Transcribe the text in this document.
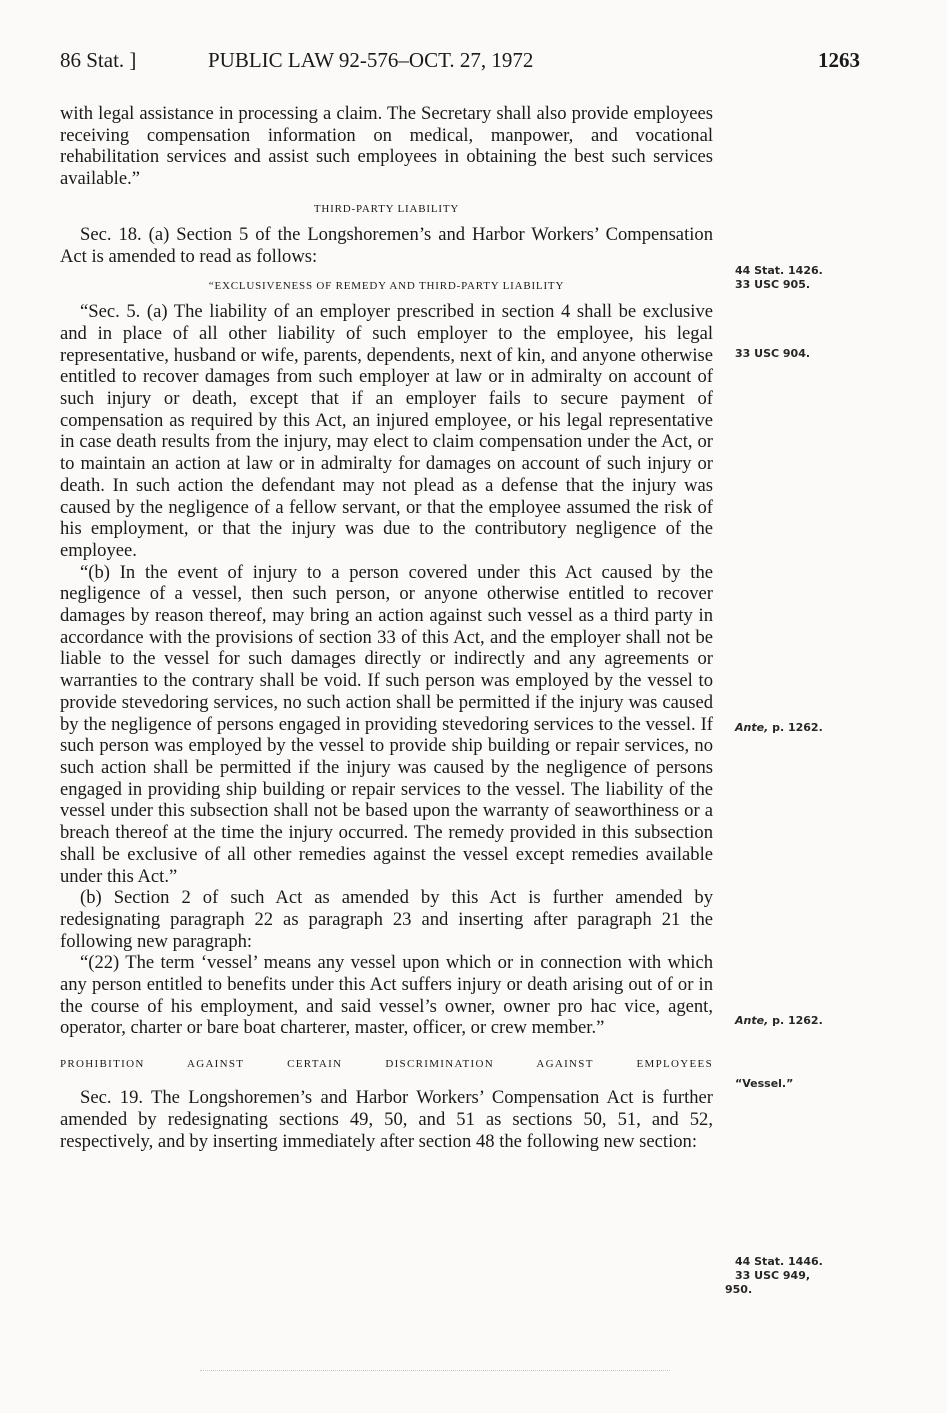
86 Stat. ]	PUBLIC LAW 92-576–OCT. 27, 1972	1263

with legal assistance in processing a claim. The Secretary shall also provide employees receiving compensation information on medical, manpower, and vocational rehabilitation services and assist such employees in obtaining the best such services available.”

THIRD-PARTY LIABILITY

Sec. 18. (a) Section 5 of the Longshoremen’s and Harbor Workers’ Compensation Act is amended to read as follows:

“EXCLUSIVENESS OF REMEDY AND THIRD-PARTY LIABILITY

“Sec. 5. (a) The liability of an employer prescribed in section 4 shall be exclusive and in place of all other liability of such employer to the employee, his legal representative, husband or wife, parents, dependents, next of kin, and anyone otherwise entitled to recover damages from such employer at law or in admiralty on account of such injury or death, except that if an employer fails to secure payment of compensation as required by this Act, an injured employee, or his legal representative in case death results from the injury, may elect to claim compensation under the Act, or to maintain an action at law or in admiralty for damages on account of such injury or death. In such action the defendant may not plead as a defense that the injury was caused by the negligence of a fellow servant, or that the employee assumed the risk of his employment, or that the injury was due to the contributory negligence of the employee.

“(b) In the event of injury to a person covered under this Act caused by the negligence of a vessel, then such person, or anyone otherwise entitled to recover damages by reason thereof, may bring an action against such vessel as a third party in accordance with the provisions of section 33 of this Act, and the employer shall not be liable to the vessel for such damages directly or indirectly and any agreements or warranties to the contrary shall be void. If such person was employed by the vessel to provide stevedoring services, no such action shall be permitted if the injury was caused by the negligence of persons engaged in providing stevedoring services to the vessel. If such person was employed by the vessel to provide ship building or repair services, no such action shall be permitted if the injury was caused by the negligence of persons engaged in providing ship building or repair services to the vessel. The liability of the vessel under this subsection shall not be based upon the warranty of seaworthiness or a breach thereof at the time the injury occurred. The remedy provided in this subsection shall be exclusive of all other remedies against the vessel except remedies available under this Act.”

(b) Section 2 of such Act as amended by this Act is further amended by redesignating paragraph 22 as paragraph 23 and inserting after paragraph 21 the following new paragraph:

“(22) The term ‘vessel’ means any vessel upon which or in connection with which any person entitled to benefits under this Act suffers injury or death arising out of or in the course of his employment, and said vessel’s owner, owner pro hac vice, agent, operator, charter or bare boat charterer, master, officer, or crew member.”

PROHIBITION AGAINST CERTAIN DISCRIMINATION AGAINST EMPLOYEES

Sec. 19. The Longshoremen’s and Harbor Workers’ Compensation Act is further amended by redesignating sections 49, 50, and 51 as sections 50, 51, and 52, respectively, and by inserting immediately after section 48 the following new section:

44 Stat. 1426.
33 USC 905.
33 USC 904.
Ante, p. 1262.
Ante, p. 1262.
“Vessel.”
44 Stat. 1446.
33 USC 949,
950.
